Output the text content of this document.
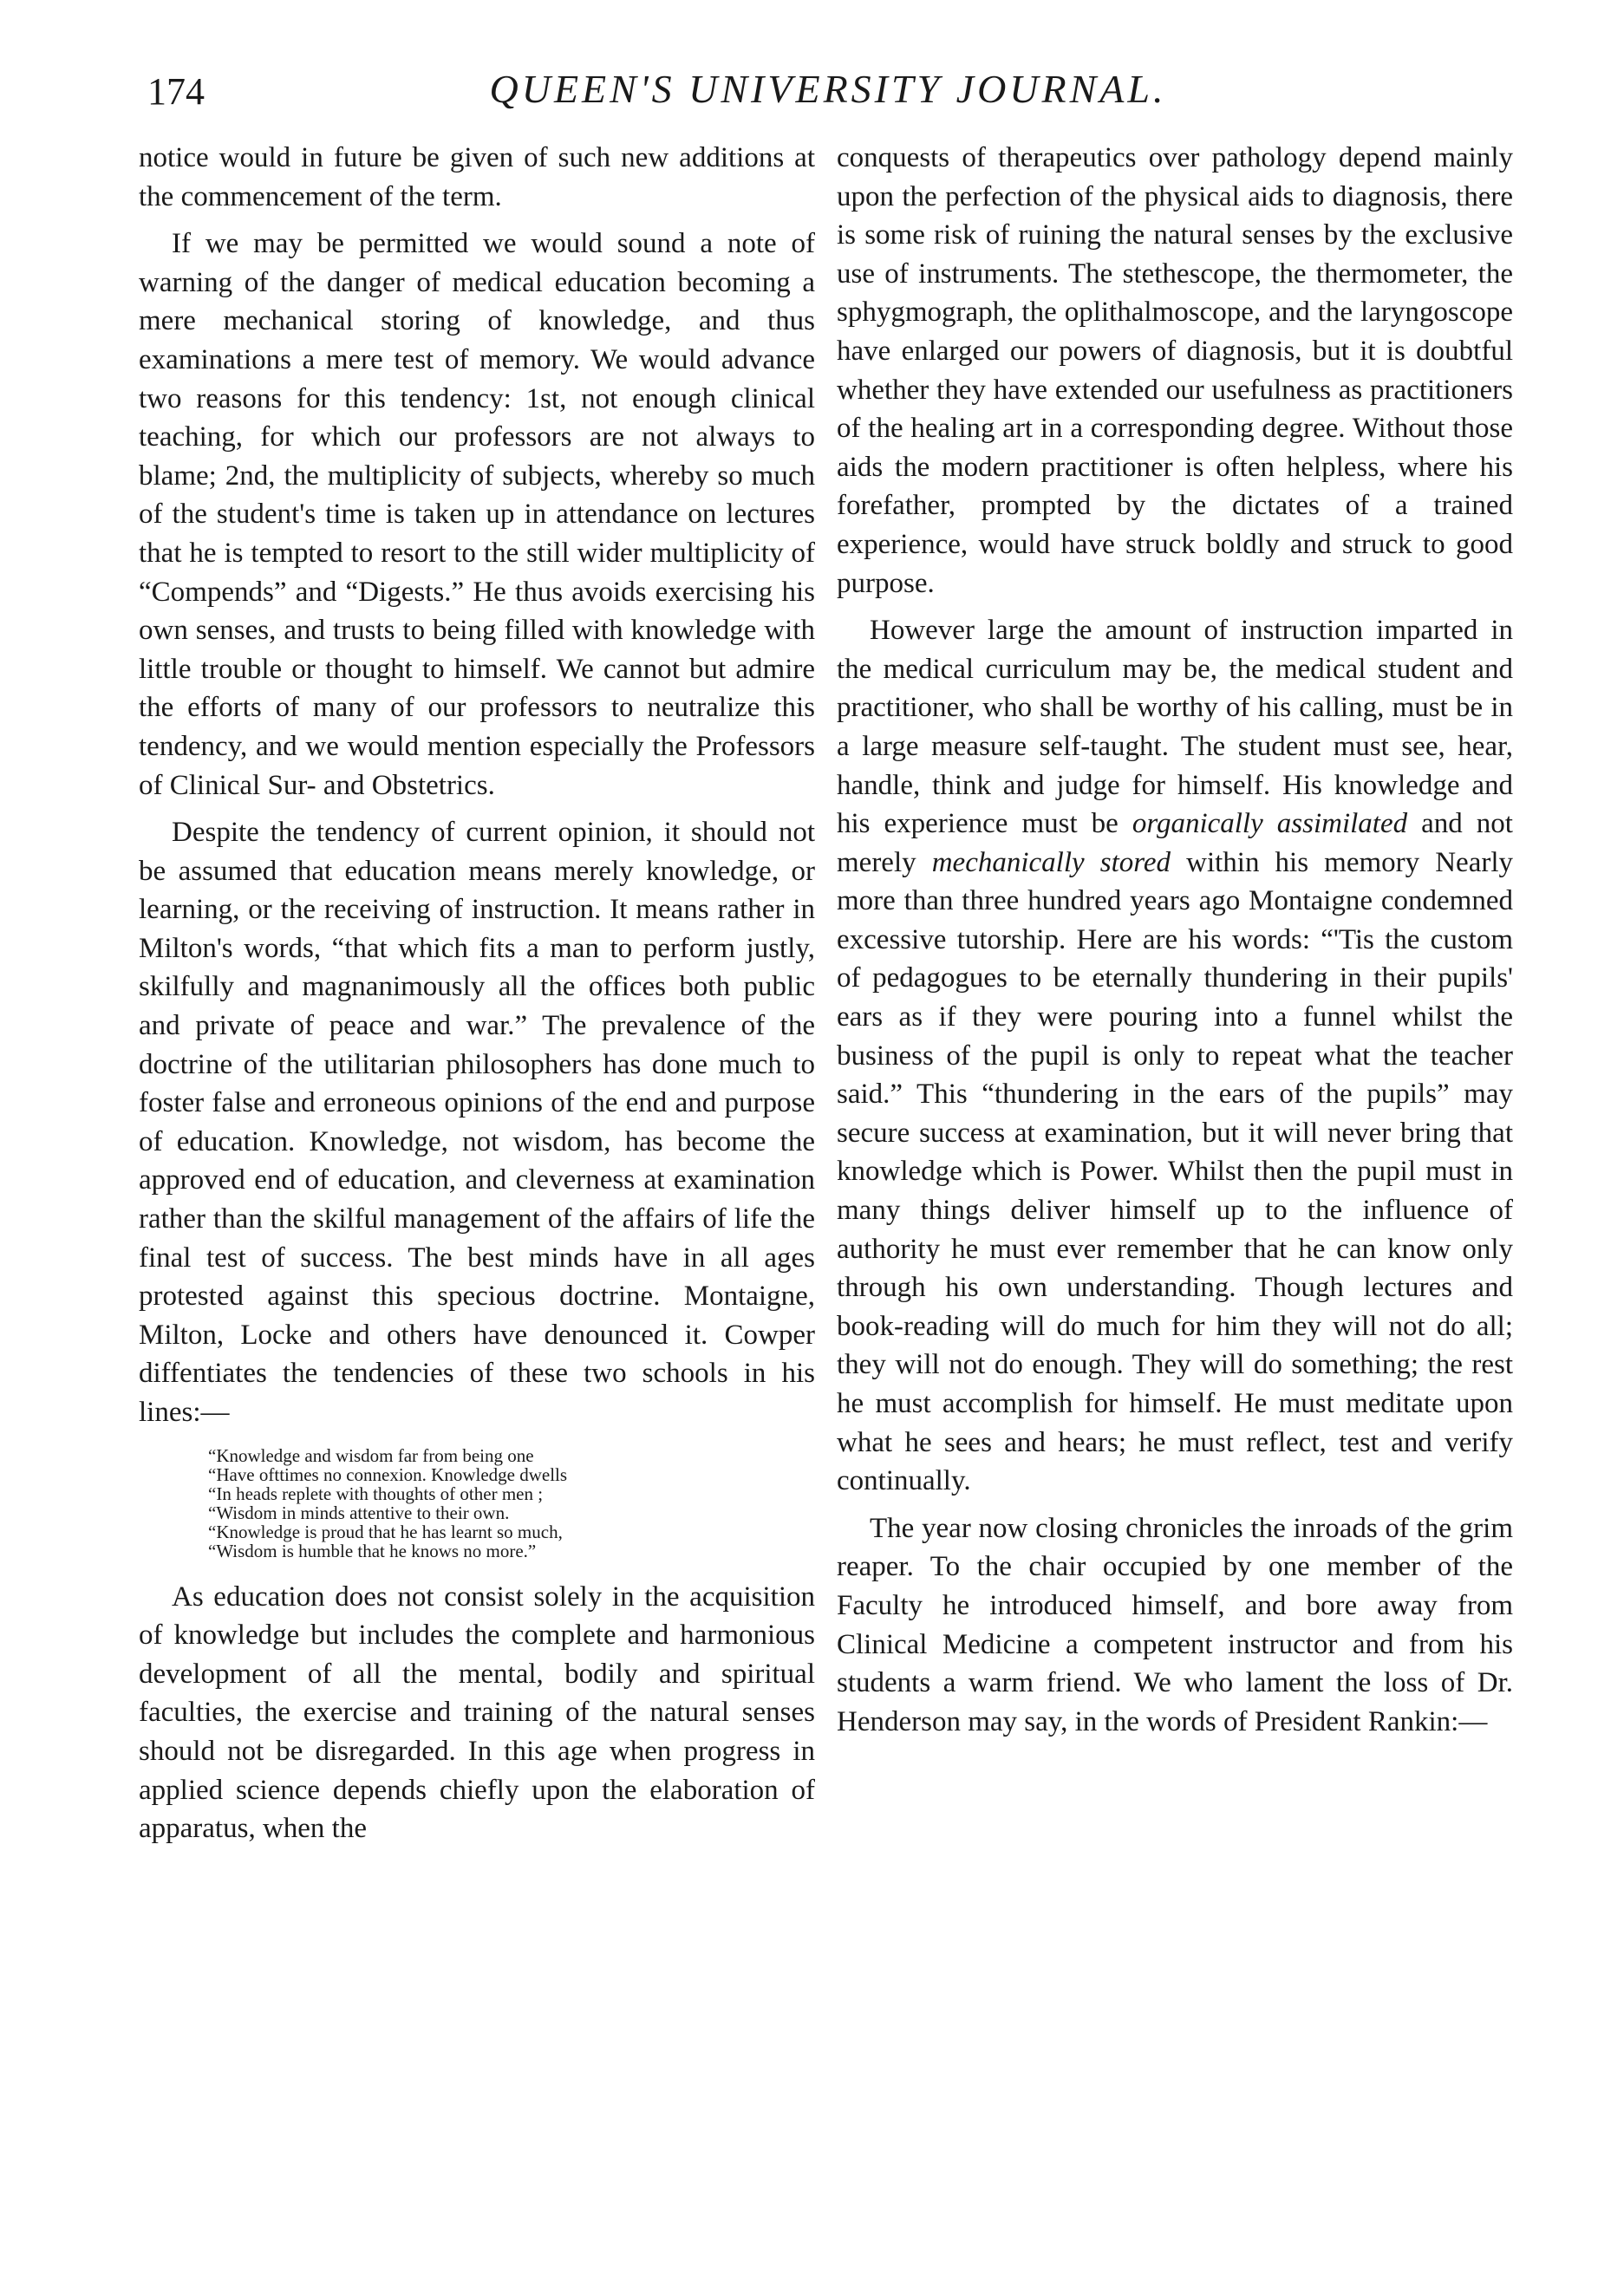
174	QUEEN'S UNIVERSITY JOURNAL.

notice would in future be given of such new additions at the commencement of the term.

If we may be permitted we would sound a note of warning of the danger of medical education becoming a mere mechanical storing of knowledge, and thus examinations a mere test of memory. We would advance two reasons for this tendency: 1st, not enough clinical teaching, for which our professors are not always to blame; 2nd, the multiplicity of subjects, whereby so much of the student's time is taken up in attendance on lectures that he is tempted to resort to the still wider multiplicity of “Compends” and “Digests.” He thus avoids exercising his own senses, and trusts to being filled with knowledge with little trouble or thought to himself. We cannot but admire the efforts of many of our professors to neutralize this tendency, and we would mention especially the Professors of Clinical Sur- and Obstetrics.

Despite the tendency of current opinion, it should not be assumed that education means merely knowledge, or learning, or the receiving of instruction. It means rather in Milton's words, “that which fits a man to perform justly, skilfully and magnanimously all the offices both public and private of peace and war.” The prevalence of the doctrine of the utilitarian philosophers has done much to foster false and erroneous opinions of the end and purpose of education. Knowledge, not wisdom, has become the approved end of education, and cleverness at examination rather than the skilful management of the affairs of life the final test of success. The best minds have in all ages protested against this specious doctrine. Montaigne, Milton, Locke and others have denounced it. Cowper diffentiates the tendencies of these two schools in his lines:—

“Knowledge and wisdom far from being one
“Have ofttimes no connexion. Knowledge dwells
“In heads replete with thoughts of other men ;
“Wisdom in minds attentive to their own.
“Knowledge is proud that he has learnt so much,
“Wisdom is humble that he knows no more.”

As education does not consist solely in the acquisition of knowledge but includes the complete and harmonious development of all the mental, bodily and spiritual faculties, the exercise and training of the natural senses should not be disregarded. In this age when progress in applied science depends chiefly upon the elaboration of apparatus, when the

conquests of therapeutics over pathology depend mainly upon the perfection of the physical aids to diagnosis, there is some risk of ruining the natural senses by the exclusive use of instruments. The stethescope, the thermometer, the sphygmograph, the oplithalmoscope, and the laryngoscope have enlarged our powers of diagnosis, but it is doubtful whether they have extended our usefulness as practitioners of the healing art in a corresponding degree. Without those aids the modern practitioner is often helpless, where his forefather, prompted by the dictates of a trained experience, would have struck boldly and struck to good purpose.

However large the amount of instruction imparted in the medical curriculum may be, the medical student and practitioner, who shall be worthy of his calling, must be in a large measure self-taught. The student must see, hear, handle, think and judge for himself. His knowledge and his experience must be organically assimilated and not merely mechanically stored within his memory Nearly more than three hundred years ago Montaigne condemned excessive tutorship. Here are his words: “'Tis the custom of pedagogues to be eternally thundering in their pupils' ears as if they were pouring into a funnel whilst the business of the pupil is only to repeat what the teacher said.” This “thundering in the ears of the pupils” may secure success at examination, but it will never bring that knowledge which is Power. Whilst then the pupil must in many things deliver himself up to the influence of authority he must ever remember that he can know only through his own understanding. Though lectures and book-reading will do much for him they will not do all; they will not do enough. They will do something; the rest he must accomplish for himself. He must meditate upon what he sees and hears; he must reflect, test and verify continually.

The year now closing chronicles the inroads of the grim reaper. To the chair occupied by one member of the Faculty he introduced himself, and bore away from Clinical Medicine a competent instructor and from his students a warm friend. We who lament the loss of Dr. Henderson may say, in the words of President Rankin:—
